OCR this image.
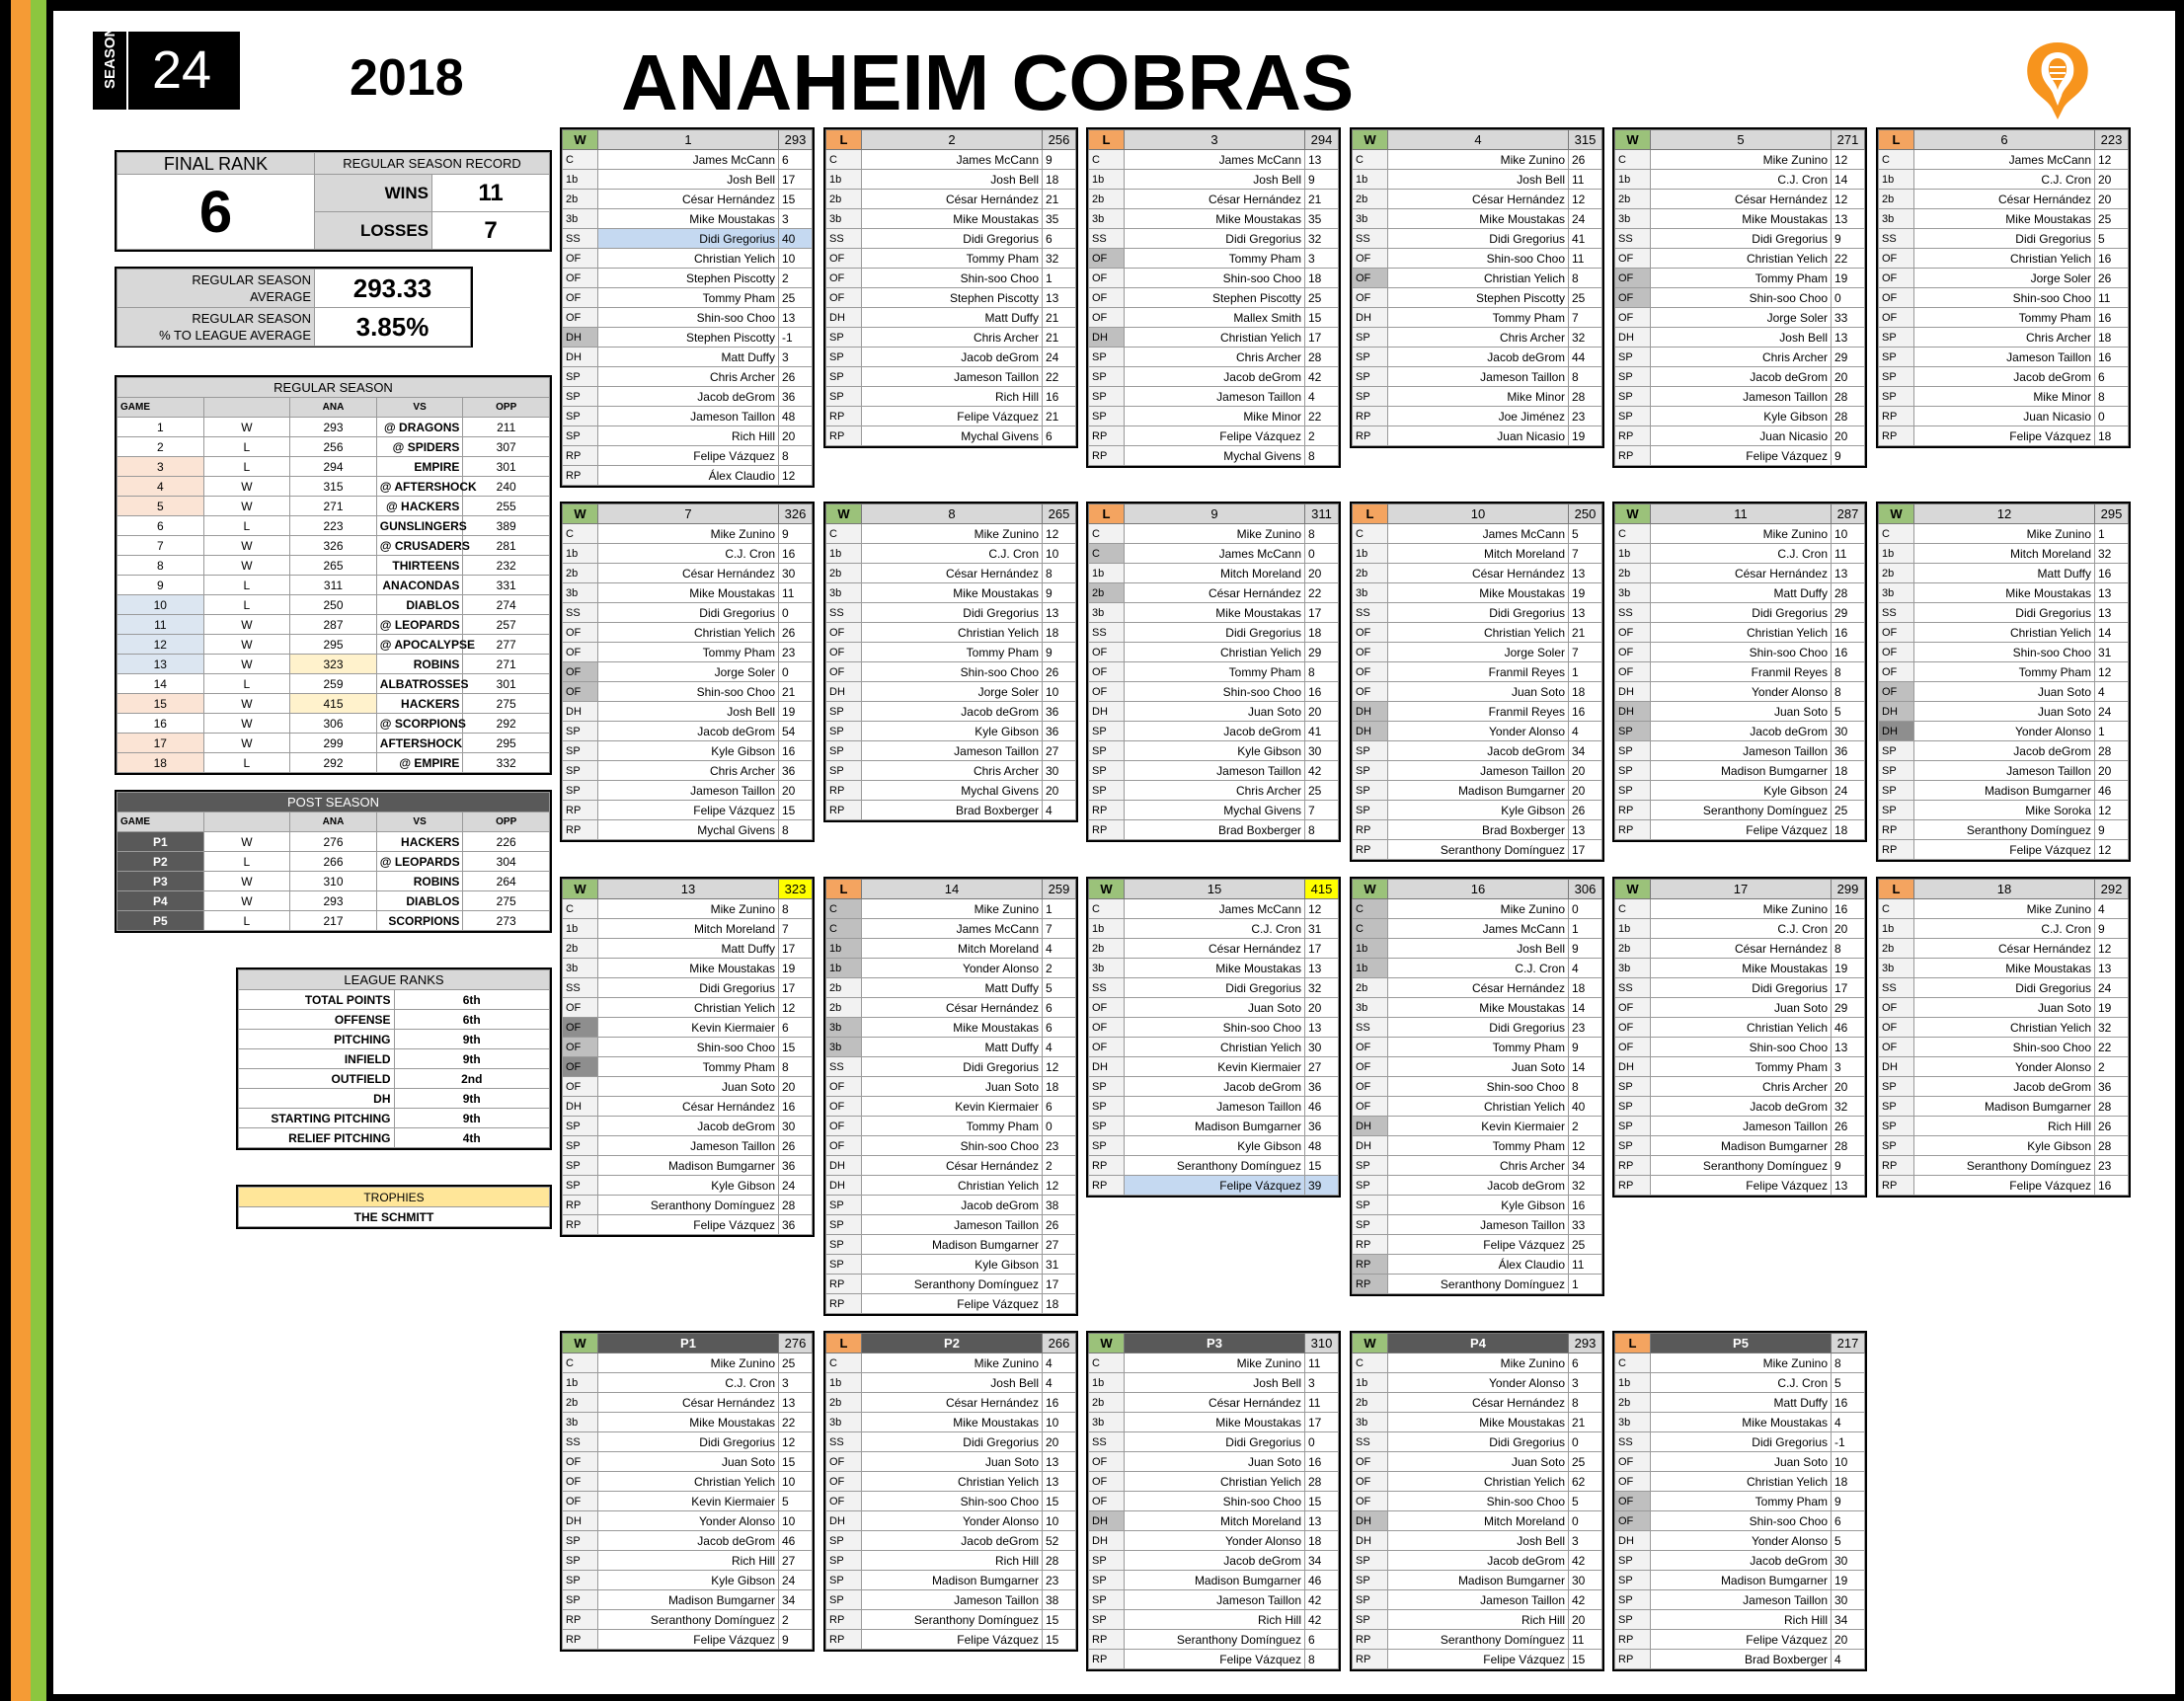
SEASON 24	2018 ANAHEIM COBRAS
FINAL RANK	REGULAR SEASON RECORD	
6	WINS	11
	LOSSES	7
REGULAR SEASON
AVERAGE	293.33
REGULAR SEASON
% TO LEAGUE AVERAGE	3.85%
REGULAR SEASON				
GAME		ANA	VS	OPP
1	W	293	@ DRAGONS	211
2	L	256	@ SPIDERS	307
3	L	294	EMPIRE	301
4	W	315	@ AFTERSHOCK	240
5	W	271	@ HACKERS	255
6	L	223	GUNSLINGERS	389
7	W	326	@ CRUSADERS	281
8	W	265	THIRTEENS	232
9	L	311	ANACONDAS	331
10	L	250	DIABLOS	274
11	W	287	@ LEOPARDS	257
12	W	295	@ APOCALYPSE	277
13	W	323	ROBINS	271
14	L	259	ALBATROSSES	301
15	W	415	HACKERS	275
16	W	306	@ SCORPIONS	292
17	W	299	AFTERSHOCK	295
18	L	292	@ EMPIRE	332
POST SEASON				
GAME		ANA	VS	OPP
P1	W	276	HACKERS	226
P2	L	266	@ LEOPARDS	304
P3	W	310	ROBINS	264
P4	W	293	DIABLOS	275
P5	L	217	SCORPIONS	273
LEAGUE RANKS	
TOTAL POINTS	6th
OFFENSE	6th
PITCHING	9th
INFIELD	9th
OUTFIELD	2nd
DH	9th
STARTING PITCHING	9th
RELIEF PITCHING	4th
TROPHIES
THE SCHMITT
W	1	293
C	James McCann	6
1b	Josh Bell	17
2b	César Hernández	15
3b	Mike Moustakas	3
SS	Didi Gregorius	40
OF	Christian Yelich	10
OF	Stephen Piscotty	2
OF	Tommy Pham	25
OF	Shin-soo Choo	13
DH	Stephen Piscotty	-1
DH	Matt Duffy	3
SP	Chris Archer	26
SP	Jacob deGrom	36
SP	Jameson Taillon	48
SP	Rich Hill	20
RP	Felipe Vázquez	8
RP	Álex Claudio	12
L	2	256
C	James McCann	9
1b	Josh Bell	18
2b	César Hernández	21
3b	Mike Moustakas	35
SS	Didi Gregorius	6
OF	Tommy Pham	32
OF	Shin-soo Choo	1
OF	Stephen Piscotty	13
DH	Matt Duffy	21
SP	Chris Archer	21
SP	Jacob deGrom	24
SP	Jameson Taillon	22
SP	Rich Hill	16
RP	Felipe Vázquez	21
RP	Mychal Givens	6
L	3	294
C	James McCann	13
1b	Josh Bell	9
2b	César Hernández	21
3b	Mike Moustakas	35
SS	Didi Gregorius	32
OF	Tommy Pham	3
OF	Shin-soo Choo	18
OF	Stephen Piscotty	25
OF	Mallex Smith	15
DH	Christian Yelich	17
SP	Chris Archer	28
SP	Jacob deGrom	42
SP	Jameson Taillon	4
SP	Mike Minor	22
RP	Felipe Vázquez	2
RP	Mychal Givens	8
W	4	315
C	Mike Zunino	26
1b	Josh Bell	11
2b	César Hernández	12
3b	Mike Moustakas	24
SS	Didi Gregorius	41
OF	Shin-soo Choo	11
OF	Christian Yelich	8
OF	Stephen Piscotty	25
DH	Tommy Pham	7
SP	Chris Archer	32
SP	Jacob deGrom	44
SP	Jameson Taillon	8
SP	Mike Minor	28
RP	Joe Jiménez	23
RP	Juan Nicasio	19
W	5	271
C	Mike Zunino	12
1b	C.J. Cron	14
2b	César Hernández	12
3b	Mike Moustakas	13
SS	Didi Gregorius	9
OF	Christian Yelich	22
OF	Tommy Pham	19
OF	Shin-soo Choo	0
OF	Jorge Soler	33
DH	Josh Bell	13
SP	Chris Archer	29
SP	Jacob deGrom	20
SP	Jameson Taillon	28
SP	Kyle Gibson	28
RP	Juan Nicasio	20
RP	Felipe Vázquez	9
L	6	223
C	James McCann	12
1b	C.J. Cron	20
2b	César Hernández	20
3b	Mike Moustakas	25
SS	Didi Gregorius	5
OF	Christian Yelich	16
OF	Jorge Soler	26
OF	Shin-soo Choo	11
OF	Tommy Pham	16
SP	Chris Archer	18
SP	Jameson Taillon	16
SP	Jacob deGrom	6
SP	Mike Minor	8
RP	Juan Nicasio	0
RP	Felipe Vázquez	18
W	7	326
C	Mike Zunino	9
1b	C.J. Cron	16
2b	César Hernández	30
3b	Mike Moustakas	11
SS	Didi Gregorius	0
OF	Christian Yelich	26
OF	Tommy Pham	23
OF	Jorge Soler	0
OF	Shin-soo Choo	21
DH	Josh Bell	19
SP	Jacob deGrom	54
SP	Kyle Gibson	16
SP	Chris Archer	36
SP	Jameson Taillon	20
RP	Felipe Vázquez	15
RP	Mychal Givens	8
W	8	265
C	Mike Zunino	12
1b	C.J. Cron	10
2b	César Hernández	8
3b	Mike Moustakas	9
SS	Didi Gregorius	13
OF	Christian Yelich	18
OF	Tommy Pham	9
OF	Shin-soo Choo	26
DH	Jorge Soler	10
SP	Jacob deGrom	36
SP	Kyle Gibson	36
SP	Jameson Taillon	27
SP	Chris Archer	30
RP	Mychal Givens	20
RP	Brad Boxberger	4
L	9	311
C	Mike Zunino	8
C	James McCann	0
1b	Mitch Moreland	20
2b	César Hernández	22
3b	Mike Moustakas	17
SS	Didi Gregorius	18
OF	Christian Yelich	29
OF	Tommy Pham	8
OF	Shin-soo Choo	16
DH	Juan Soto	20
SP	Jacob deGrom	41
SP	Kyle Gibson	30
SP	Jameson Taillon	42
SP	Chris Archer	25
RP	Mychal Givens	7
RP	Brad Boxberger	8
L	10	250
C	James McCann	5
1b	Mitch Moreland	7
2b	César Hernández	13
3b	Mike Moustakas	19
SS	Didi Gregorius	13
OF	Christian Yelich	21
OF	Jorge Soler	7
OF	Franmil Reyes	1
OF	Juan Soto	18
DH	Franmil Reyes	16
DH	Yonder Alonso	4
SP	Jacob deGrom	34
SP	Jameson Taillon	20
SP	Madison Bumgarner	20
SP	Kyle Gibson	26
RP	Brad Boxberger	13
RP	Seranthony Domínguez	17
W	11	287
C	Mike Zunino	10
1b	C.J. Cron	11
2b	César Hernández	13
3b	Matt Duffy	28
SS	Didi Gregorius	29
OF	Christian Yelich	16
OF	Shin-soo Choo	16
OF	Franmil Reyes	8
DH	Yonder Alonso	8
DH	Juan Soto	5
SP	Jacob deGrom	30
SP	Jameson Taillon	36
SP	Madison Bumgarner	18
SP	Kyle Gibson	24
RP	Seranthony Domínguez	25
RP	Felipe Vázquez	18
W	12	295
C	Mike Zunino	1
1b	Mitch Moreland	32
2b	Matt Duffy	16
3b	Mike Moustakas	13
SS	Didi Gregorius	13
OF	Christian Yelich	14
OF	Shin-soo Choo	31
OF	Tommy Pham	12
OF	Juan Soto	4
DH	Juan Soto	24
DH	Yonder Alonso	1
SP	Jacob deGrom	28
SP	Jameson Taillon	20
SP	Madison Bumgarner	46
SP	Mike Soroka	12
RP	Seranthony Domínguez	9
RP	Felipe Vázquez	12
W	13	323
C	Mike Zunino	8
1b	Mitch Moreland	7
2b	Matt Duffy	17
3b	Mike Moustakas	19
SS	Didi Gregorius	17
OF	Christian Yelich	12
OF	Kevin Kiermaier	6
OF	Shin-soo Choo	15
OF	Tommy Pham	8
OF	Juan Soto	20
DH	César Hernández	16
SP	Jacob deGrom	30
SP	Jameson Taillon	26
SP	Madison Bumgarner	36
SP	Kyle Gibson	24
RP	Seranthony Domínguez	28
RP	Felipe Vázquez	36
L	14	259
C	Mike Zunino	1
C	James McCann	7
1b	Mitch Moreland	4
1b	Yonder Alonso	2
2b	Matt Duffy	5
2b	César Hernández	6
3b	Mike Moustakas	6
3b	Matt Duffy	4
SS	Didi Gregorius	12
OF	Juan Soto	18
OF	Kevin Kiermaier	6
OF	Tommy Pham	0
OF	Shin-soo Choo	23
DH	César Hernández	2
DH	Christian Yelich	12
SP	Jacob deGrom	38
SP	Jameson Taillon	26
SP	Madison Bumgarner	27
SP	Kyle Gibson	31
RP	Seranthony Domínguez	17
RP	Felipe Vázquez	18
W	15	415
C	James McCann	12
1b	C.J. Cron	31
2b	César Hernández	17
3b	Mike Moustakas	13
SS	Didi Gregorius	32
OF	Juan Soto	20
OF	Shin-soo Choo	13
OF	Christian Yelich	30
DH	Kevin Kiermaier	27
SP	Jacob deGrom	36
SP	Jameson Taillon	46
SP	Madison Bumgarner	36
SP	Kyle Gibson	48
RP	Seranthony Domínguez	15
RP	Felipe Vázquez	39
W	16	306
C	Mike Zunino	0
C	James McCann	1
1b	Josh Bell	9
1b	C.J. Cron	4
2b	César Hernández	18
3b	Mike Moustakas	14
SS	Didi Gregorius	23
OF	Tommy Pham	9
OF	Juan Soto	14
OF	Shin-soo Choo	8
OF	Christian Yelich	40
DH	Kevin Kiermaier	2
DH	Tommy Pham	12
SP	Chris Archer	34
SP	Jacob deGrom	32
SP	Kyle Gibson	16
SP	Jameson Taillon	33
RP	Felipe Vázquez	25
RP	Álex Claudio	11
RP	Seranthony Domínguez	1
W	17	299
C	Mike Zunino	16
1b	C.J. Cron	20
2b	César Hernández	8
3b	Mike Moustakas	19
SS	Didi Gregorius	17
OF	Juan Soto	29
OF	Christian Yelich	46
OF	Shin-soo Choo	13
DH	Tommy Pham	3
SP	Chris Archer	20
SP	Jacob deGrom	32
SP	Jameson Taillon	26
SP	Madison Bumgarner	28
RP	Seranthony Domínguez	9
RP	Felipe Vázquez	13
L	18	292
C	Mike Zunino	4
1b	C.J. Cron	9
2b	César Hernández	12
3b	Mike Moustakas	13
SS	Didi Gregorius	24
OF	Juan Soto	19
OF	Christian Yelich	32
OF	Shin-soo Choo	22
DH	Yonder Alonso	2
SP	Jacob deGrom	36
SP	Madison Bumgarner	28
SP	Rich Hill	26
SP	Kyle Gibson	28
RP	Seranthony Domínguez	23
RP	Felipe Vázquez	16
W	P1	276
C	Mike Zunino	25
1b	C.J. Cron	3
2b	César Hernández	13
3b	Mike Moustakas	22
SS	Didi Gregorius	12
OF	Juan Soto	15
OF	Christian Yelich	10
OF	Kevin Kiermaier	5
DH	Yonder Alonso	10
SP	Jacob deGrom	46
SP	Rich Hill	27
SP	Kyle Gibson	24
SP	Madison Bumgarner	34
RP	Seranthony Domínguez	2
RP	Felipe Vázquez	9
L	P2	266
C	Mike Zunino	4
1b	Josh Bell	4
2b	César Hernández	16
3b	Mike Moustakas	10
SS	Didi Gregorius	20
OF	Juan Soto	13
OF	Christian Yelich	13
OF	Shin-soo Choo	15
DH	Yonder Alonso	10
SP	Jacob deGrom	52
SP	Rich Hill	28
SP	Madison Bumgarner	23
SP	Jameson Taillon	38
RP	Seranthony Domínguez	15
RP	Felipe Vázquez	15
W	P3	310
C	Mike Zunino	11
1b	Josh Bell	3
2b	César Hernández	11
3b	Mike Moustakas	17
SS	Didi Gregorius	0
OF	Juan Soto	16
OF	Christian Yelich	28
OF	Shin-soo Choo	15
DH	Mitch Moreland	13
DH	Yonder Alonso	18
SP	Jacob deGrom	34
SP	Madison Bumgarner	46
SP	Jameson Taillon	42
SP	Rich Hill	42
RP	Seranthony Domínguez	6
RP	Felipe Vázquez	8
W	P4	293
C	Mike Zunino	6
1b	Yonder Alonso	3
2b	César Hernández	8
3b	Mike Moustakas	21
SS	Didi Gregorius	0
OF	Juan Soto	25
OF	Christian Yelich	62
OF	Shin-soo Choo	5
DH	Mitch Moreland	0
DH	Josh Bell	3
SP	Jacob deGrom	42
SP	Madison Bumgarner	30
SP	Jameson Taillon	42
SP	Rich Hill	20
RP	Seranthony Domínguez	11
RP	Felipe Vázquez	15
L	P5	217
C	Mike Zunino	8
1b	C.J. Cron	5
2b	Matt Duffy	16
3b	Mike Moustakas	4
SS	Didi Gregorius	-1
OF	Juan Soto	10
OF	Christian Yelich	18
OF	Tommy Pham	9
OF	Shin-soo Choo	6
DH	Yonder Alonso	5
SP	Jacob deGrom	30
SP	Madison Bumgarner	19
SP	Jameson Taillon	30
SP	Rich Hill	34
RP	Felipe Vázquez	20
RP	Brad Boxberger	4
